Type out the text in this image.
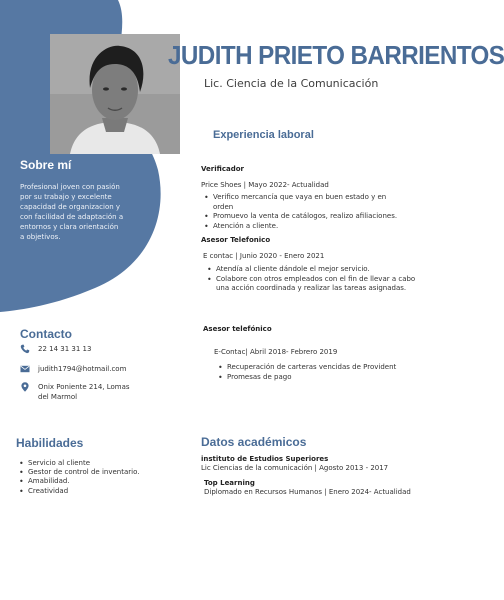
JUDITH PRIETO BARRIENTOS
Lic. Ciencia de la Comunicación
Sobre mí
Profesional joven con pasión por su trabajo y excelente capacidad de organizacion y con facilidad de adaptación a entornos y clara orientación a objetivos.
Experiencia laboral
Verificador
Price Shoes | Mayo 2022- Actualidad
• Verifico mercancía que vaya en buen estado y en orden
• Promuevo la venta de catálogos, realizo afiliaciones.
• Atención a cliente.
Asesor Telefonico
E contac | Junio 2020 - Enero 2021
• Atendía al cliente dándole el mejor servicio.
• Colabore con otros empleados con el fin de llevar a cabo una acción coordinada y realizar las tareas asignadas.
Asesor telefónico
E-Contac| Abril 2018- Febrero 2019
• Recuperación de carteras vencidas de Provident
• Promesas de pago
Contacto
22 14 31 31 13
judith1794@hotmail.com
Onix Poniente 214, Lomas del Marmol
Habilidades
• Servicio al cliente
• Gestor de control de inventario.
• Amabilidad.
• Creatividad
Datos académicos
instituto de Estudios Superiores
Lic Ciencias de la comunicación | Agosto 2013 - 2017
Top Learning
Diplomado en Recursos Humanos | Enero 2024- Actualidad
